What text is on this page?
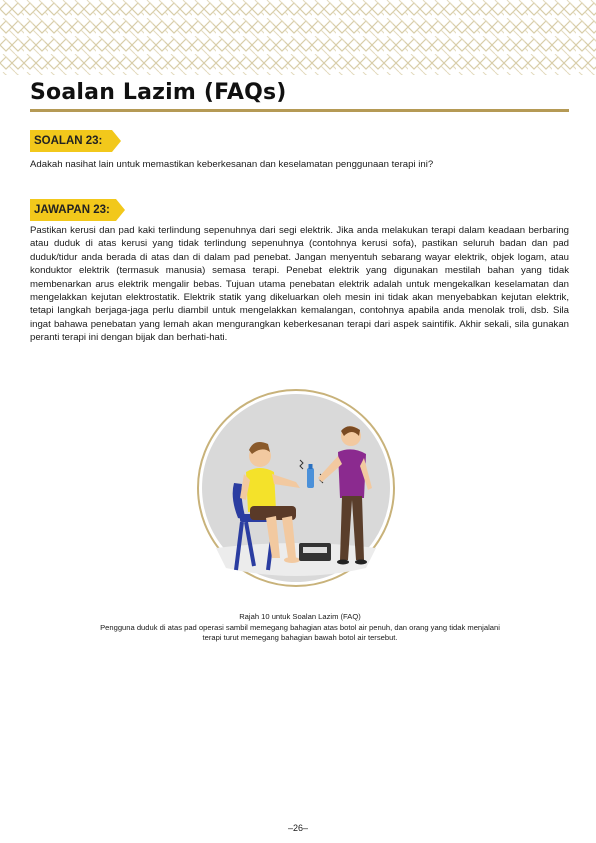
Soalan Lazim (FAQs)
SOALAN 23:
Adakah nasihat lain untuk memastikan keberkesanan dan keselamatan penggunaan terapi ini?
JAWAPAN 23:
Pastikan kerusi dan pad kaki terlindung sepenuhnya dari segi elektrik. Jika anda melakukan terapi dalam keadaan berbaring atau duduk di atas kerusi yang tidak terlindung sepenuhnya (contohnya kerusi sofa), pastikan seluruh badan dan pad duduk/tidur anda berada di atas dan di dalam pad penebat. Jangan menyentuh sebarang wayar elektrik, objek logam, atau konduktor elektrik (termasuk manusia) semasa terapi. Penebat elektrik yang digunakan mestilah bahan yang tidak membenarkan arus elektrik mengalir bebas. Tujuan utama penebatan elektrik adalah untuk mengekalkan keselamatan dan mengelakkan kejutan elektrostatik. Elektrik statik yang dikeluarkan oleh mesin ini tidak akan menyebabkan kejutan elektrik, tetapi langkah berjaga-jaga perlu diambil untuk mengelakkan kemalangan, contohnya apabila anda menolak troli, dsb. Sila ingat bahawa penebatan yang lemah akan mengurangkan keberkesanan terapi dari aspek saintifik. Akhir sekali, sila gunakan peranti terapi ini dengan bijak dan berhati-hati.
Rajah 10 untuk Soalan Lazim (FAQ)
Pengguna duduk di atas pad operasi sambil memegang bahagian atas botol air penuh, dan orang yang tidak menjalani terapi turut memegang bahagian bawah botol air tersebut.
–26–
